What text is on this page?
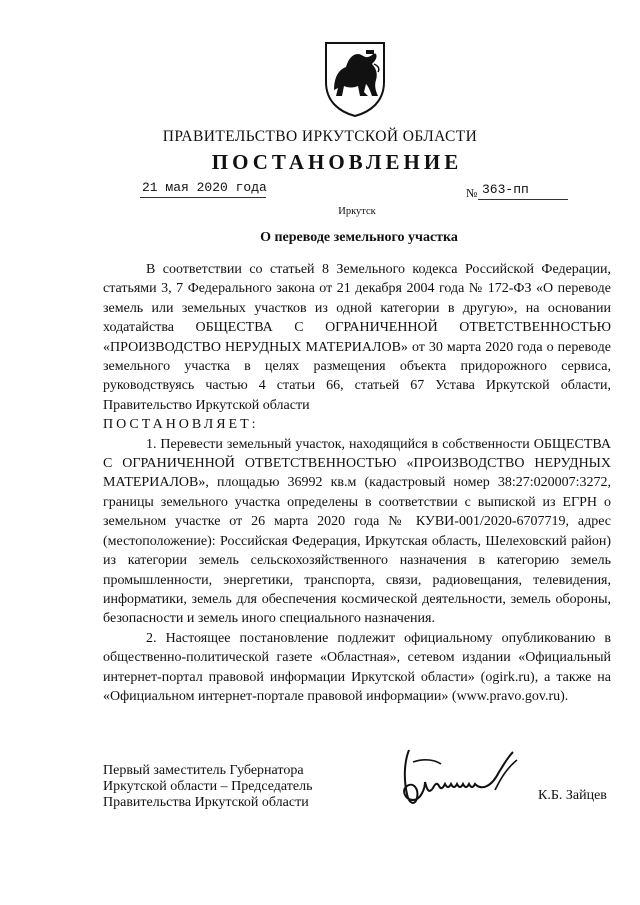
ПРАВИТЕЛЬСТВО ИРКУТСКОЙ ОБЛАСТИ
ПОСТАНОВЛЕНИЕ
21 мая 2020 года	№ 363-пп
Иркутск
О переводе земельного участка

В соответствии со статьей 8 Земельного кодекса Российской Федерации, статьями 3, 7 Федерального закона от 21 декабря 2004 года № 172-ФЗ «О переводе земель или земельных участков из одной категории в другую», на основании ходатайства ОБЩЕСТВА С ОГРАНИЧЕННОЙ ОТВЕТСТВЕННОСТЬЮ «ПРОИЗВОДСТВО НЕРУДНЫХ МАТЕРИАЛОВ» от 30 марта 2020 года о переводе земельного участка в целях размещения объекта придорожного сервиса, руководствуясь частью 4 статьи 66, статьей 67 Устава Иркутской области, Правительство Иркутской области

ПОСТАНОВЛЯЕТ:

1. Перевести земельный участок, находящийся в собственности ОБЩЕСТВА С ОГРАНИЧЕННОЙ ОТВЕТСТВЕННОСТЬЮ «ПРОИЗВОДСТВО НЕРУДНЫХ МАТЕРИАЛОВ», площадью 36992 кв.м (кадастровый номер 38:27:020007:3272, границы земельного участка определены в соответствии с выпиской из ЕГРН о земельном участке от 26 марта 2020 года № КУВИ-001/2020-6707719, адрес (местоположение): Российская Федерация, Иркутская область, Шелеховский район) из категории земель сельскохозяйственного назначения в категорию земель промышленности, энергетики, транспорта, связи, радиовещания, телевидения, информатики, земель для обеспечения космической деятельности, земель обороны, безопасности и земель иного специального назначения.

2. Настоящее постановление подлежит официальному опубликованию в общественно-политической газете «Областная», сетевом издании «Официальный интернет-портал правовой информации Иркутской области» (ogirk.ru), а также на «Официальном интернет-портале правовой информации» (www.pravo.gov.ru).

Первый заместитель Губернатора
Иркутской области – Председатель
Правительства Иркутской области	К.Б. Зайцев
